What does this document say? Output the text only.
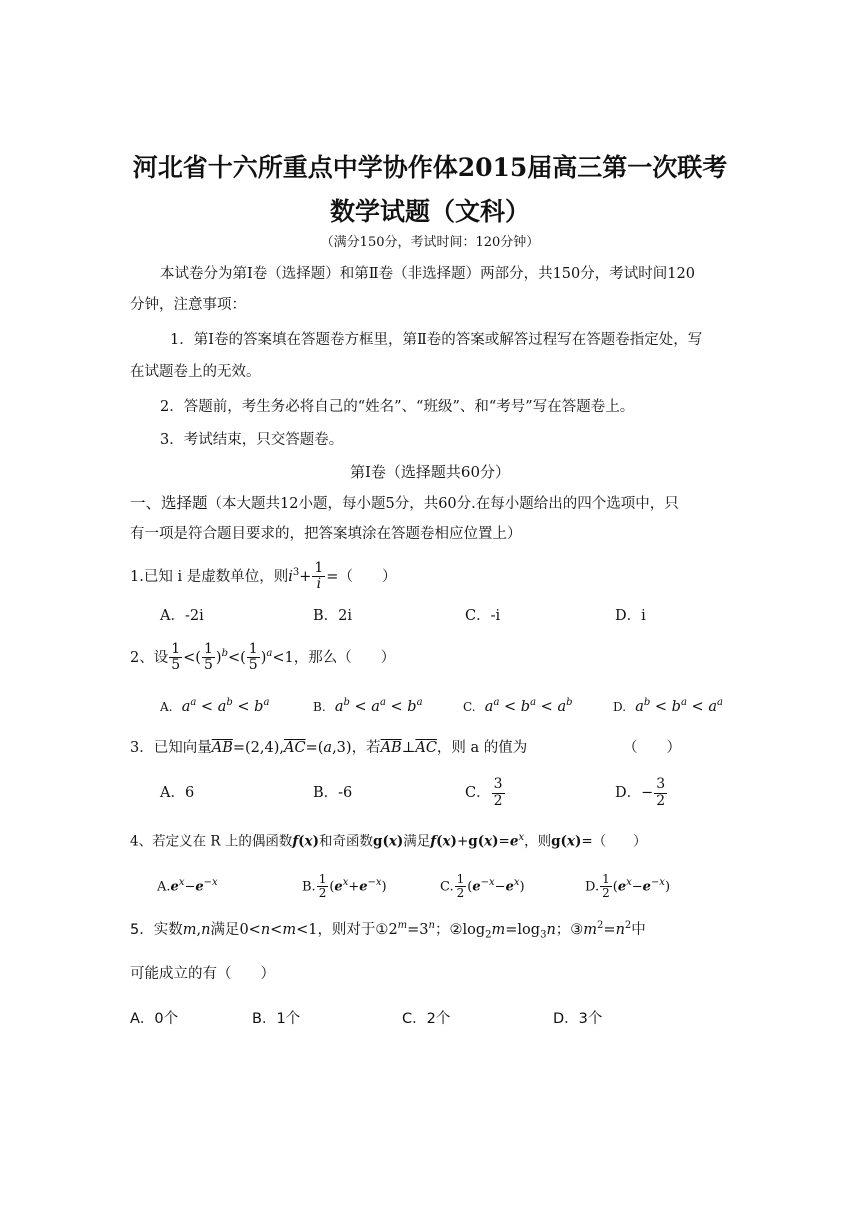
河北省十六所重点中学协作体2015届高三第一次联考
数学试题（文科）
（满分150分，考试时间：120分钟）
本试卷分为第Ⅰ卷（选择题）和第Ⅱ卷（非选择题）两部分，共150分，考试时间120
分钟，注意事项：
1．第Ⅰ卷的答案填在答题卷方框里，第Ⅱ卷的答案或解答过程写在答题卷指定处，写
在试题卷上的无效。
2．答题前，考生务必将自己的“姓名”、“班级”、和“考号”写在答题卷上。
3．考试结束，只交答题卷。
第Ⅰ卷（选择题共60分）
一、选择题（本大题共12小题，每小题5分，共60分.在每小题给出的四个选项中，只
有一项是符合题目要求的，把答案填涂在答题卷相应位置上）
1.已知 i 是虚数单位，则$i^3+ \frac{1}{i}$ =（　　）
A．-2i	B．2i	C．-i	D．i
2、设 $\frac{1}{5}$ <( $\frac{1}{5} )^b<( \frac{1}{5} )^a<1$，那么（　　）
A. $a^a < a^b < b^a$	B. $a^b < a^a < b^a$	C. $a^a < b^a < a^b$	D. $a^b < b^a < a^a$
3．已知向量$\overline{AB}=(2,4),\overline{AC}=(a,3)$，若$\overline{AB}\perp\overline{AC}$，则 a 的值为	（　　）
A．6	B．-6	C． $\frac{3}{2}$	D．− $\frac{3}{2}$
4、若定义在 R 上的偶函数f(x)和奇函数g(x)满足$f(x)+g(x)=e^x$，则g(x)=（　　）
$A.e^x-e^{-x}$	B. $\frac{1}{2} (e^x+e^{-x})$	C. $\frac{1}{2} (e^{-x}-e^x)$	D. $\frac{1}{2} (e^x-e^{-x})$
5．实数m,n满足0<n<m<1，则对于$①2^m=3^n$；$②\log_2m=\log_3n$；$③m^2=n^2$中
可能成立的有（　　）
A．0个	B．1个	C．2个	D．3个
